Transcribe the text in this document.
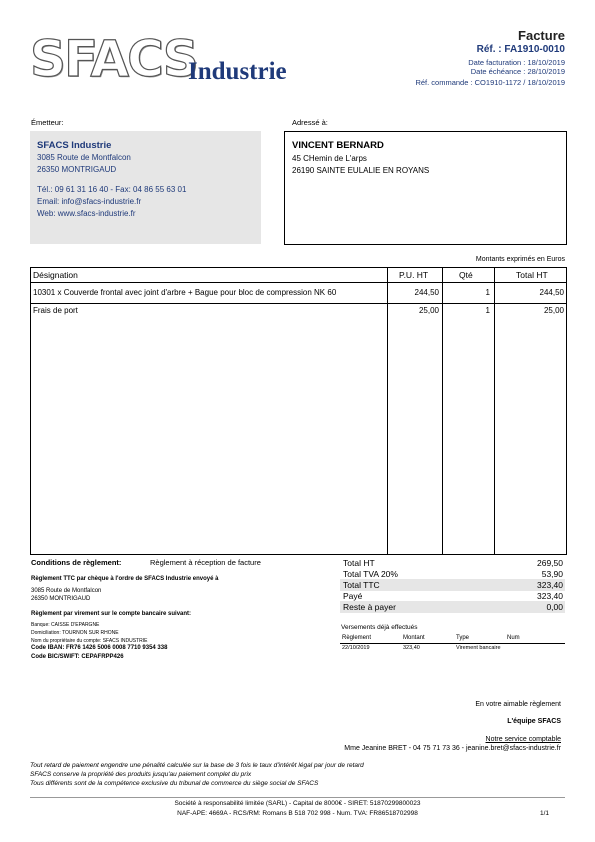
SFACS
Industrie
Facture
Réf. : FA1910-0010
Date facturation : 18/10/2019
Date échéance : 28/10/2019
Réf. commande : CO1910-1172 / 18/10/2019
Émetteur:	Adressé à:
SFACS Industrie
3085 Route de Montfalcon
26350 MONTRIGAUD
Tél.: 09 61 31 16 40 - Fax: 04 86 55 63 01
Email: info@sfacs-industrie.fr
Web: www.sfacs-industrie.fr
VINCENT BERNARD
45 CHemin de L'arps
26190 SAINTE EULALIE EN ROYANS
Montants exprimés en Euros
Désignation	P.U. HT	Qté	Total HT
10301 x Couverde frontal avec joint d'arbre + Bague pour bloc de compression NK 60	244,50	1	244,50
Frais de port	25,00	1	25,00
Conditions de règlement:	Règlement à réception de facture
Règlement TTC par chèque à l'ordre de SFACS Industrie envoyé à
3085 Route de Montfalcon
26350 MONTRIGAUD
Règlement par virement sur le compte bancaire suivant:
Banque: CAISSE D'EPARGNE
Domiciliation: TOURNON SUR RHONE
Nom du propriétaire du compte: SFACS INDUSTRIE
Code IBAN: FR76 1426 5006 0008 7710 9354 338
Code BIC/SWIFT: CEPAFRPP426
Total HT	269,50
Total TVA 20%	53,90
Total TTC	323,40
Payé	323,40
Reste à payer	0,00
Versements déjà effectués
Règlement	Montant	Type	Num
22/10/2019	323,40	Virement bancaire
En votre aimable règlement
L'équipe SFACS
Notre service comptable
Mme Jeanine BRET - 04 75 71 73 36 - jeanine.bret@sfacs-industrie.fr
Tout retard de paiement engendre une pénalité calculée sur la base de 3 fois le taux d'intérêt légal par jour de retard
SFACS conserve la propriété des produits jusqu'au paiement complet du prix
Tous différents sont de la compétence exclusive du tribunal de commerce du siège social de SFACS
Société à responsabilité limitée (SARL) - Capital de 8000€ - SIRET: 51870299800023
NAF-APE: 4669A - RCS/RM: Romans B 518 702 998 - Num. TVA: FR86518702998	1/1
